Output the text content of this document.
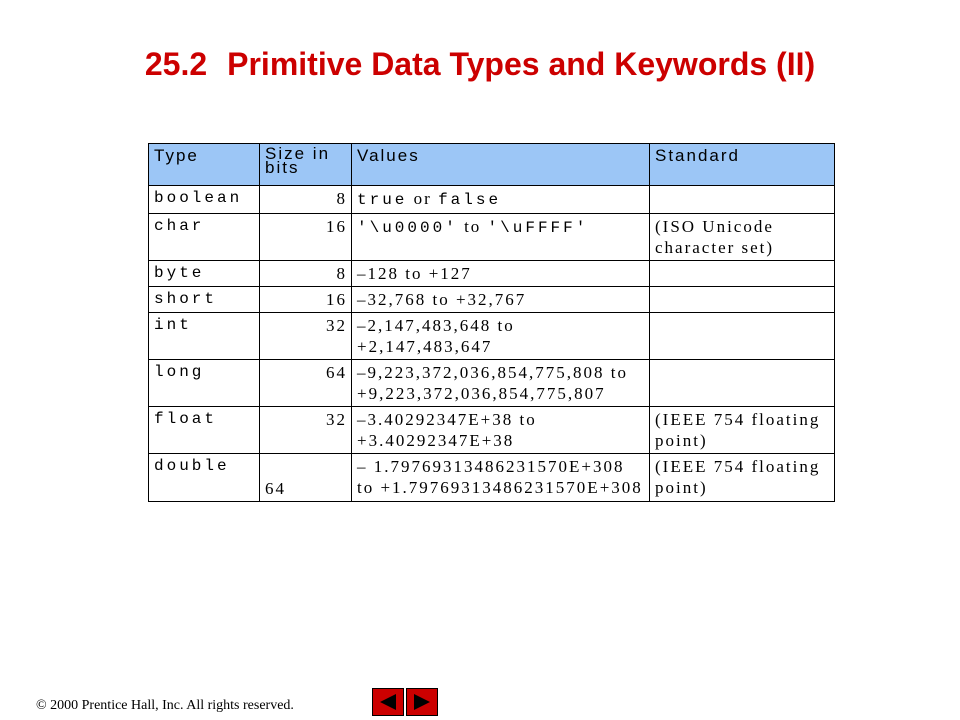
25.2 Primitive Data Types and Keywords (II)
Type	Size in bits	Values	Standard
boolean	8	true or false	
char	16	'\u0000' to '\uFFFF'	(ISO Unicode character set)
byte	8	–128 to +127	
short	16	–32,768 to +32,767	
int	32	–2,147,483,648 to +2,147,483,647	
long	64	–9,223,372,036,854,775,808 to +9,223,372,036,854,775,807	
float	32	–3.40292347E+38 to +3.40292347E+38	(IEEE 754 floating point)
double	64	– 1.79769313486231570E+308 to +1.79769313486231570E+308	(IEEE 754 floating point)
© 2000 Prentice Hall, Inc. All rights reserved.
